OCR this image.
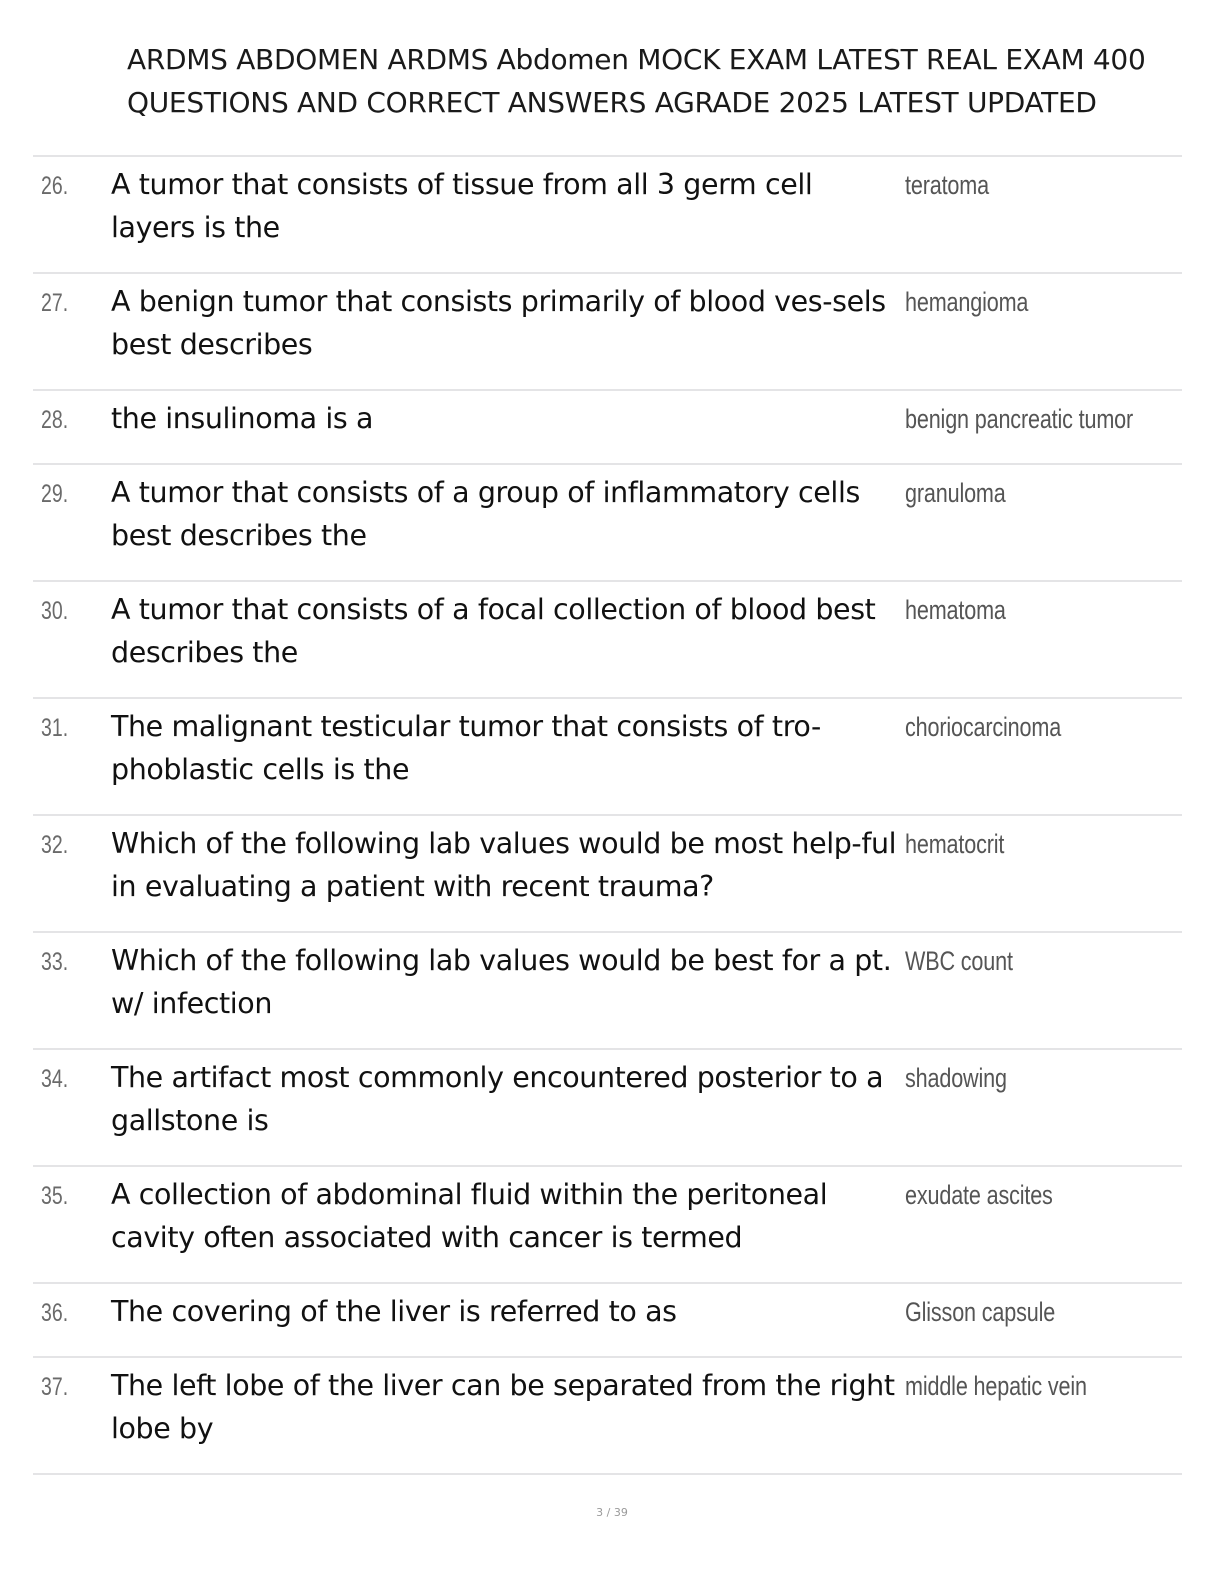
ARDMS ABDOMEN ARDMS Abdomen MOCK EXAM LATEST REAL EXAM 400
QUESTIONS AND CORRECT ANSWERS AGRADE 2025 LATEST UPDATED
26. A tumor that consists of tissue from all 3 germ cell layers is the
teratoma
27. A benign tumor that consists primarily of blood ves-sels best describes
hemangioma
28. the insulinoma is a	benign pancreatic tumor
29. A tumor that consists of a group of inflammatory cells best describes the
granuloma
30. A tumor that consists of a focal collection of blood best describes the
hematoma
31. The malignant testicular tumor that consists of tro-phoblastic cells is the
choriocarcinoma
32. Which of the following lab values would be most help-ful in evaluating a patient with recent trauma?
hematocrit
33. Which of the following lab values would be best for a pt. w/ infection
WBC count
34. The artifact most commonly encountered posterior to a gallstone is
shadowing
35. A collection of abdominal fluid within the peritoneal cavity often associated with cancer is termed
exudate ascites
36. The covering of the liver is referred to as	Glisson capsule
37. The left lobe of the liver can be separated from the right lobe by
middle hepatic vein
3 / 39
